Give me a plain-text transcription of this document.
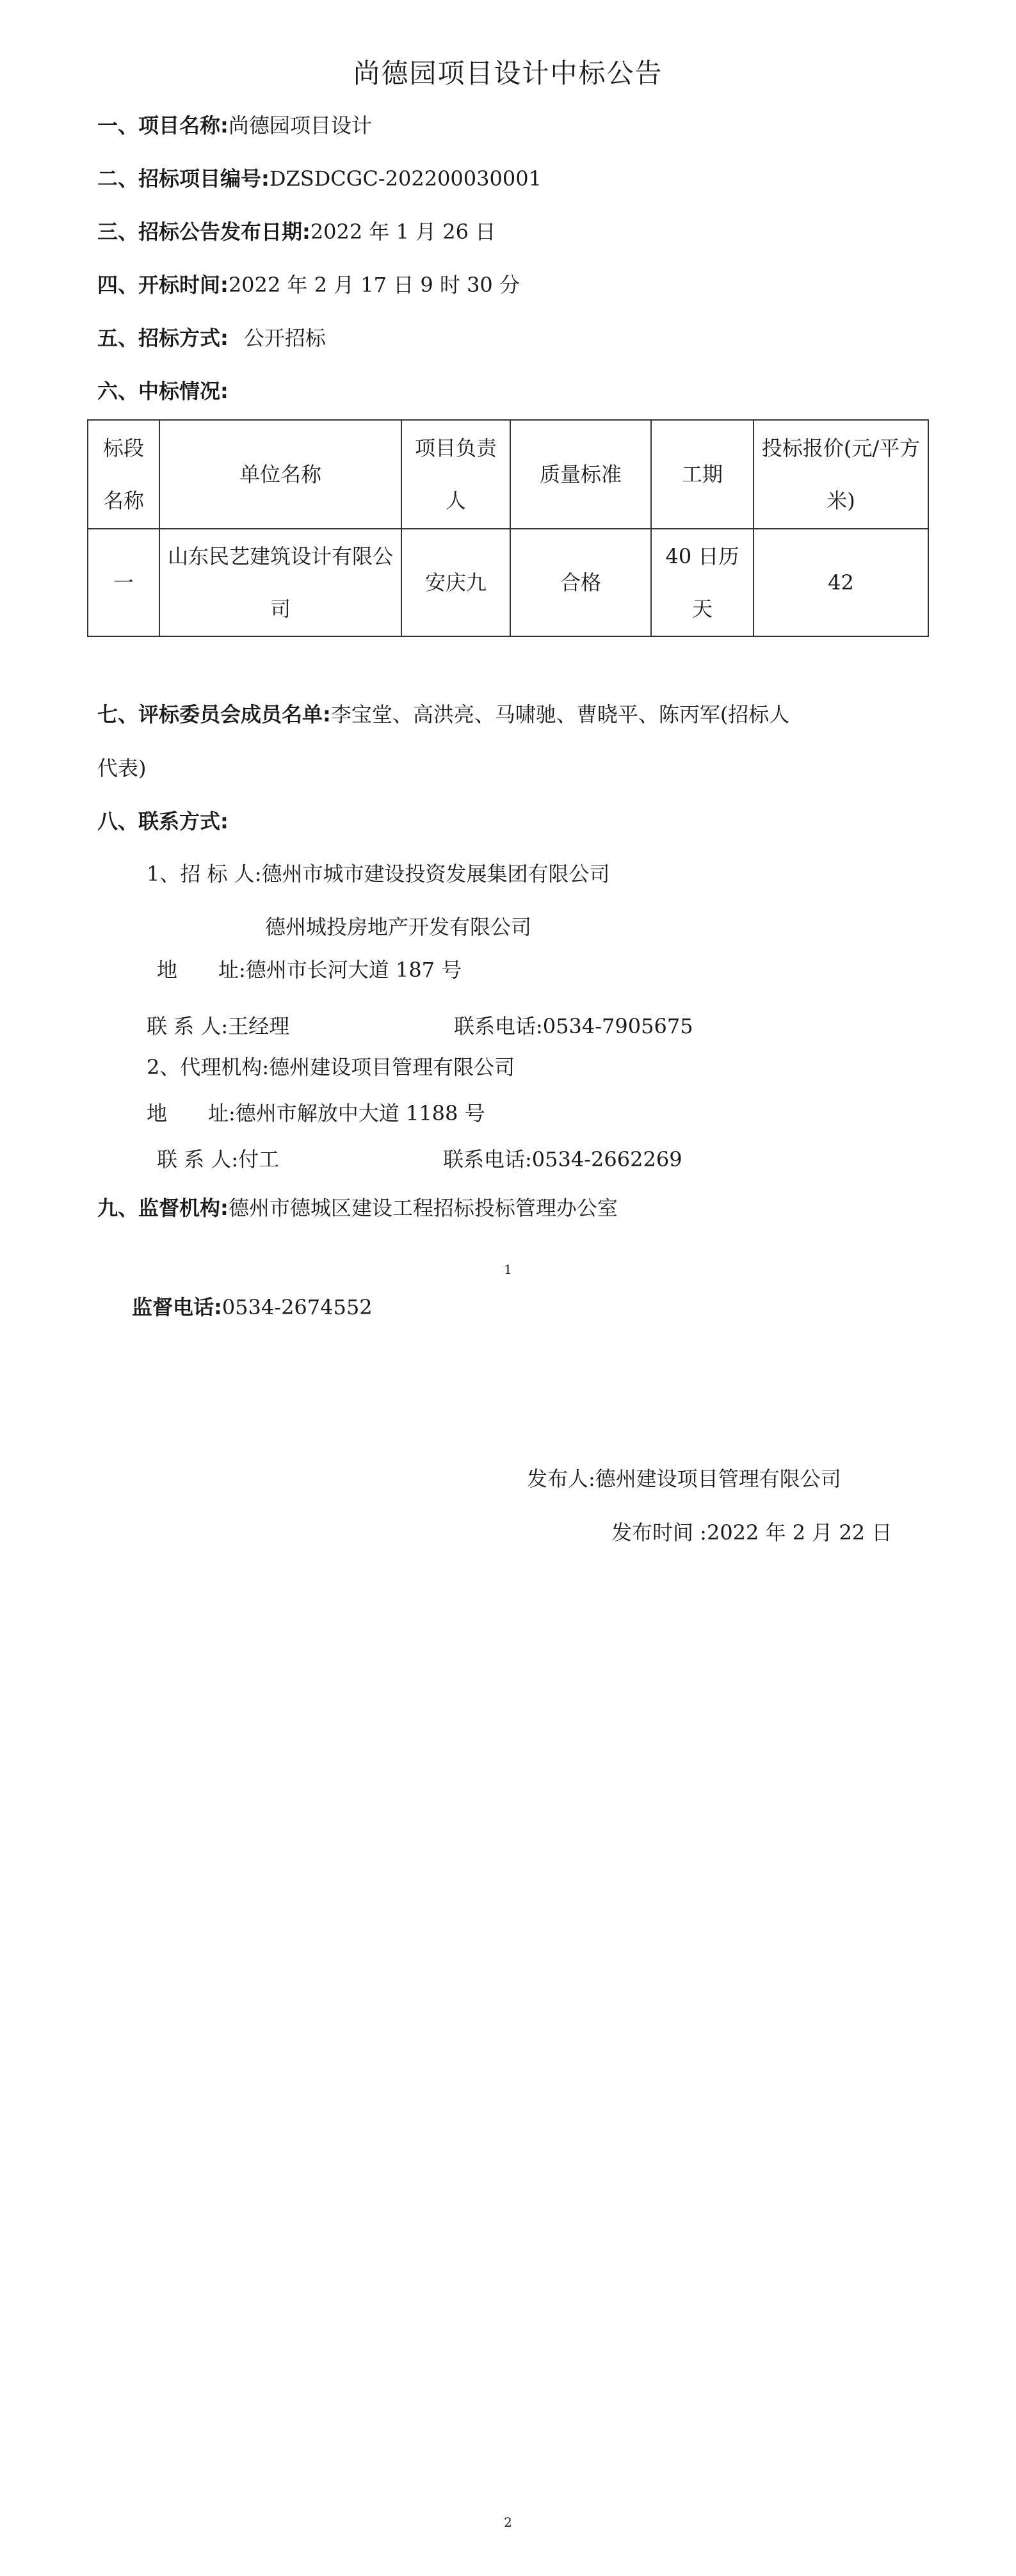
尚德园项目设计中标公告
一、项目名称:尚德园项目设计
二、招标项目编号:DZSDCGC-202200030001
三、招标公告发布日期:2022 年 1 月 26 日
四、开标时间:2022 年 2 月 17 日 9 时 30 分
五、招标方式: 公开招标
六、中标情况:
标段名称	单位名称	项目负责人	质量标准	工期	投标报价(元/平方米)
一	山东民艺建筑设计有限公司	安庆九	合格	40 日历天	42
七、评标委员会成员名单:李宝堂、高洪亮、马啸驰、曹晓平、陈丙军(招标人
代表)
八、联系方式:
1、招 标 人:德州市城市建设投资发展集团有限公司
德州城投房地产开发有限公司
地　　址:德州市长河大道 187 号
联 系 人:王经理	联系电话:0534-7905675
2、代理机构:德州建设项目管理有限公司
地　　址:德州市解放中大道 1188 号
联 系 人:付工	联系电话:0534-2662269
九、监督机构:德州市德城区建设工程招标投标管理办公室
1
监督电话:0534-2674552
发布人:德州建设项目管理有限公司
发布时间 :2022 年 2 月 22 日
2
